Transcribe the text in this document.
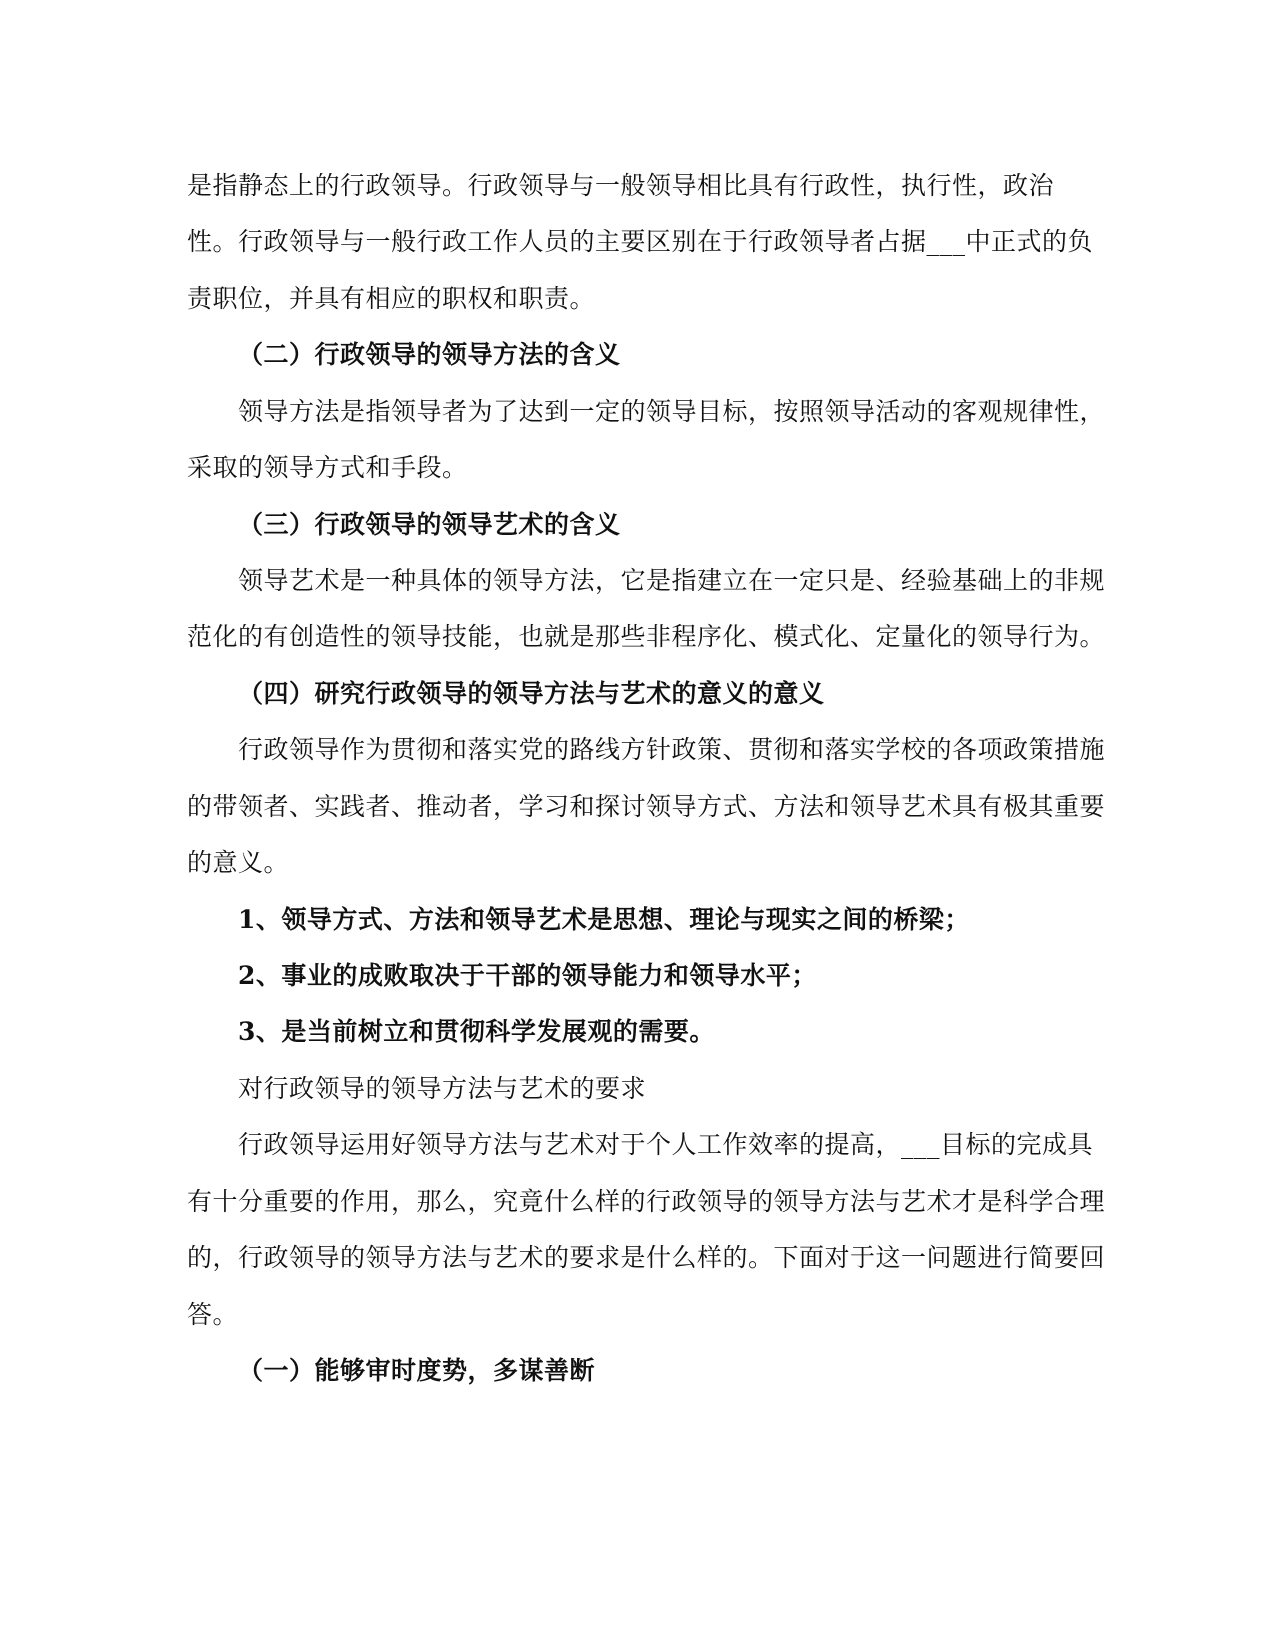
是指静态上的行政领导。行政领导与一般领导相比具有行政性，执行性，政治
性。行政领导与一般行政工作人员的主要区别在于行政领导者占据___中正式的负
责职位，并具有相应的职权和职责。
（二）行政领导的领导方法的含义
领导方法是指领导者为了达到一定的领导目标，按照领导活动的客观规律性，
采取的领导方式和手段。
（三）行政领导的领导艺术的含义
领导艺术是一种具体的领导方法，它是指建立在一定只是、经验基础上的非规
范化的有创造性的领导技能，也就是那些非程序化、模式化、定量化的领导行为。
（四）研究行政领导的领导方法与艺术的意义的意义
行政领导作为贯彻和落实党的路线方针政策、贯彻和落实学校的各项政策措施
的带领者、实践者、推动者，学习和探讨领导方式、方法和领导艺术具有极其重要
的意义。
1、领导方式、方法和领导艺术是思想、理论与现实之间的桥梁；
2、事业的成败取决于干部的领导能力和领导水平；
3、是当前树立和贯彻科学发展观的需要。
对行政领导的领导方法与艺术的要求
行政领导运用好领导方法与艺术对于个人工作效率的提高，___目标的完成具
有十分重要的作用，那么，究竟什么样的行政领导的领导方法与艺术才是科学合理
的，行政领导的领导方法与艺术的要求是什么样的。下面对于这一问题进行简要回
答。
（一）能够审时度势，多谋善断
